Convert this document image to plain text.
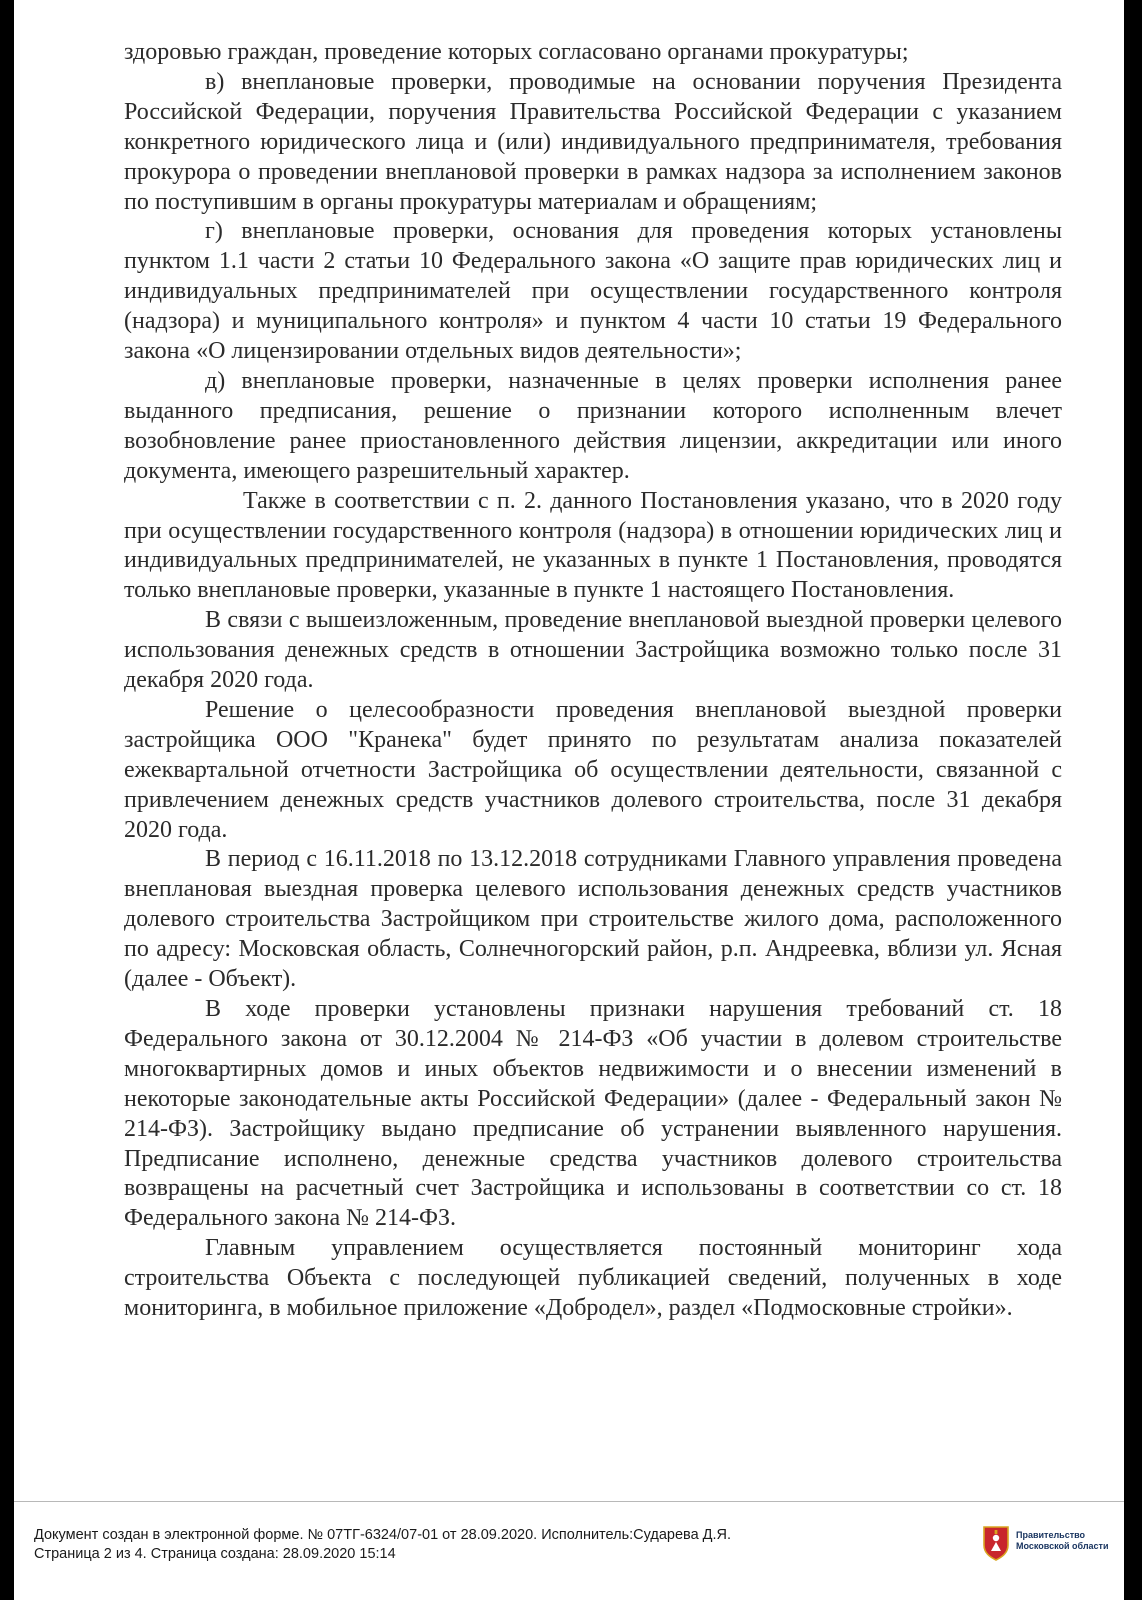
здоровью граждан, проведение которых согласовано органами прокуратуры;

в) внеплановые проверки, проводимые на основании поручения Президента Российской Федерации, поручения Правительства Российской Федерации с указанием конкретного юридического лица и (или) индивидуального предпринимателя, требования прокурора о проведении внеплановой проверки в рамках надзора за исполнением законов по поступившим в органы прокуратуры материалам и обращениям;

г) внеплановые проверки, основания для проведения которых установлены пунктом 1.1 части 2 статьи 10 Федерального закона «О защите прав юридических лиц и индивидуальных предпринимателей при осуществлении государственного контроля (надзора) и муниципального контроля» и пунктом 4 части 10 статьи 19 Федерального закона «О лицензировании отдельных видов деятельности»;

д) внеплановые проверки, назначенные в целях проверки исполнения ранее выданного предписания, решение о признании которого исполненным влечет возобновление ранее приостановленного действия лицензии, аккредитации или иного документа, имеющего разрешительный характер.

Также в соответствии с п. 2. данного Постановления указано, что в 2020 году при осуществлении государственного контроля (надзора) в отношении юридических лиц и индивидуальных предпринимателей, не указанных в пункте 1 Постановления, проводятся только внеплановые проверки, указанные в пункте 1 настоящего Постановления.

В связи с вышеизложенным, проведение внеплановой выездной проверки целевого использования денежных средств в отношении Застройщика возможно только после 31 декабря 2020 года.

Решение о целесообразности проведения внеплановой выездной проверки застройщика ООО "Кранека" будет принято по результатам анализа показателей ежеквартальной отчетности Застройщика об осуществлении деятельности, связанной с привлечением денежных средств участников долевого строительства, после 31 декабря 2020 года.

В период с 16.11.2018 по 13.12.2018 сотрудниками Главного управления проведена внеплановая выездная проверка целевого использования денежных средств участников долевого строительства Застройщиком при строительстве жилого дома, расположенного по адресу: Московская область, Солнечногорский район, р.п. Андреевка, вблизи ул. Ясная (далее - Объект).

В ходе проверки установлены признаки нарушения требований ст. 18 Федерального закона от 30.12.2004 № 214-ФЗ «Об участии в долевом строительстве многоквартирных домов и иных объектов недвижимости и о внесении изменений в некоторые законодательные акты Российской Федерации» (далее - Федеральный закон № 214-ФЗ). Застройщику выдано предписание об устранении выявленного нарушения. Предписание исполнено, денежные средства участников долевого строительства возвращены на расчетный счет Застройщика и использованы в соответствии со ст. 18 Федерального закона № 214-ФЗ.

Главным управлением осуществляется постоянный мониторинг хода строительства Объекта с последующей публикацией сведений, полученных в ходе мониторинга, в мобильное приложение «Добродел», раздел «Подмосковные стройки».

Документ создан в электронной форме. № 07ТГ-6324/07-01 от 28.09.2020. Исполнитель:Сударева Д.Я.
Страница 2 из 4. Страница создана: 28.09.2020 15:14
Правительство
Московской области
